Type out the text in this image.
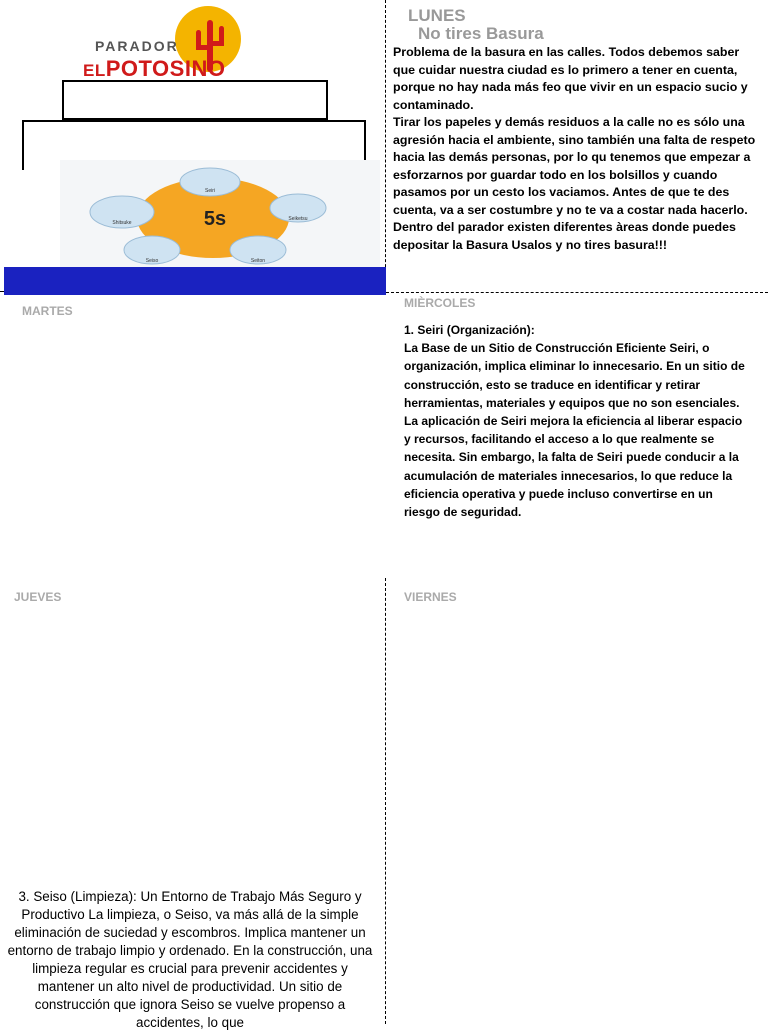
PARADOR
ELPOTOSINO
5s
Seiri
Seiketsu
Seiton
Seiso
Shitsuke
LUNES
No tires Basura

Problema de la basura en las calles. Todos debemos saber que cuidar nuestra ciudad es lo primero a tener en cuenta, porque no hay nada más feo que vivir en un espacio sucio y contaminado.

Tirar los papeles y demás residuos a la calle no es sólo una agresión hacia el ambiente, sino también una falta de respeto hacia las demás personas, por lo qu tenemos que empezar a esforzarnos por guardar todo en los bolsillos y cuando pasamos por un cesto los vaciamos. Antes de que te des cuenta, va a ser costumbre y no te va a costar nada hacerlo.

Dentro del parador existen diferentes àreas donde puedes depositar la Basura Usalos y no tires basura!!!

MARTES
MIÈRCOLES

1. Seiri (Organización):

La Base de un Sitio de Construcción Eficiente Seiri, o organización, implica eliminar lo innecesario. En un sitio de construcción, esto se traduce en identificar y retirar herramientas, materiales y equipos que no son esenciales. La aplicación de Seiri mejora la eficiencia al liberar espacio y recursos, facilitando el acceso a lo que realmente se necesita. Sin embargo, la falta de Seiri puede conducir a la acumulación de materiales innecesarios, lo que reduce la eficiencia operativa y puede incluso convertirse en un riesgo de seguridad.

JUEVES
3. Seiso (Limpieza): Un Entorno de Trabajo Más Seguro y Productivo La limpieza, o Seiso, va más allá de la simple eliminación de suciedad y escombros. Implica mantener un entorno de trabajo limpio y ordenado. En la construcción, una limpieza regular es crucial para prevenir accidentes y mantener un alto nivel de productividad. Un sitio de construcción que ignora Seiso se vuelve propenso a accidentes, lo que
VIERNES
